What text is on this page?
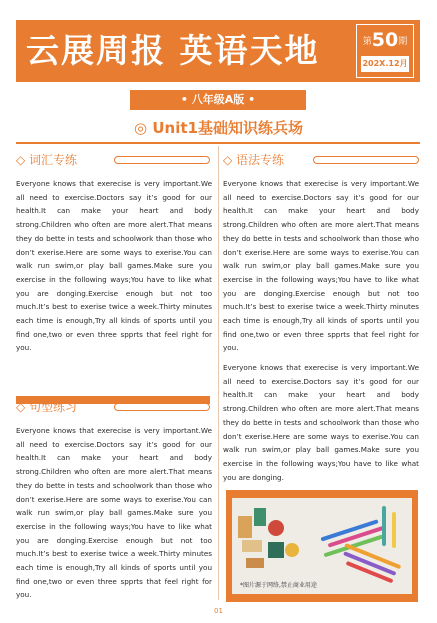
云展周报 英语天地	第50期
202X.12月
• 八年级A版 •
◎ Unit1基础知识练兵场
◇ 词汇专练
Everyone knows that exerecise is very important.We all need to exercise.Doctors say it’s good for our health.It can make your heart and body strong.Children who often are more alert.That means they do bette in tests and schoolwork than those who don’t exerise.Here are some ways to exerise.You can walk run swim,or play ball games.Make sure you exercise in the following ways;You have to like what you are donging.Exercise enough but not too much.It’s best to exerise twice a week.Thirty minutes each time is enough,Try all kinds of sports until you find one,two or even three spprts that feel right for you.
◇ 句型练习
Everyone knows that exerecise is very important.We all need to exercise.Doctors say it’s good for our health.It can make your heart and body strong.Children who often are more alert.That means they do bette in tests and schoolwork than those who don’t exerise.Here are some ways to exerise.You can walk run swim,or play ball games.Make sure you exercise in the following ways;You have to like what you are donging.Exercise enough but not too much.It’s best to exerise twice a week.Thirty minutes each time is enough,Try all kinds of sports until you find one,two or even three spprts that feel right for you.
◇ 语法专练
Everyone knows that exerecise is very important.We all need to exercise.Doctors say it’s good for our health.It can make your heart and body strong.Children who often are more alert.That means they do bette in tests and schoolwork than those who don’t exerise.Here are some ways to exerise.You can walk run swim,or play ball games.Make sure you exercise in the following ways;You have to like what you are donging.Exercise enough but not too much.It’s best to exerise twice a week.Thirty minutes each time is enough,Try all kinds of sports until you find one,two or even three spprts that feel right for you.
Everyone knows that exerecise is very important.We all need to exercise.Doctors say it’s good for our health.It can make your heart and body strong.Children who often are more alert.That means they do bette in tests and schoolwork than those who don’t exerise.Here are some ways to exerise.You can walk run swim,or play ball games.Make sure you exercise in the following ways;You have to like what you are donging.
*图片源于网络,禁止商业用途
01
